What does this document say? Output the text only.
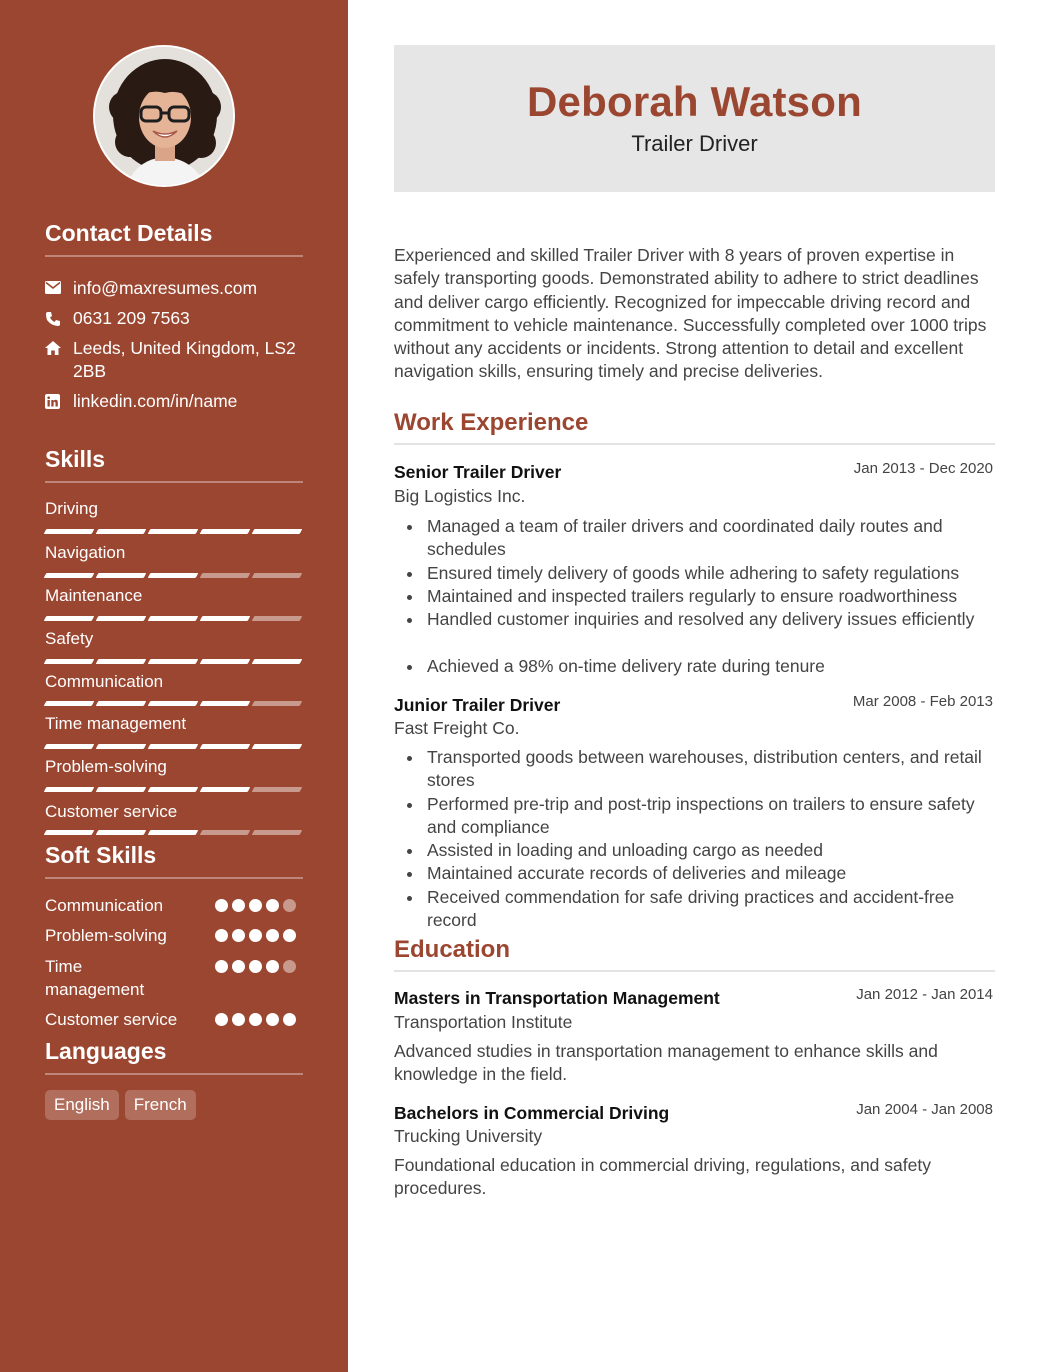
Contact Details
info@maxresumes.com
0631 209 7563
Leeds, United Kingdom, LS2 2BB
linkedin.com/in/name
Skills
Driving
Navigation
Maintenance
Safety
Communication
Time management
Problem-solving
Customer service
Soft Skills
Communication
Problem-solving
Time management
Customer service
Languages
English	French
Deborah Watson
Trailer Driver
Experienced and skilled Trailer Driver with 8 years of proven expertise in safely transporting goods. Demonstrated ability to adhere to strict deadlines and deliver cargo efficiently. Recognized for impeccable driving record and commitment to vehicle maintenance. Successfully completed over 1000 trips without any accidents or incidents. Strong attention to detail and excellent navigation skills, ensuring timely and precise deliveries.
Work Experience
Senior Trailer Driver	Jan 2013 - Dec 2020
Big Logistics Inc.
Managed a team of trailer drivers and coordinated daily routes and schedules
Ensured timely delivery of goods while adhering to safety regulations
Maintained and inspected trailers regularly to ensure roadworthiness
Handled customer inquiries and resolved any delivery issues efficiently
Achieved a 98% on-time delivery rate during tenure
Junior Trailer Driver	Mar 2008 - Feb 2013
Fast Freight Co.
Transported goods between warehouses, distribution centers, and retail stores
Performed pre-trip and post-trip inspections on trailers to ensure safety and compliance
Assisted in loading and unloading cargo as needed
Maintained accurate records of deliveries and mileage
Received commendation for safe driving practices and accident-free record
Education
Masters in Transportation Management	Jan 2012 - Jan 2014
Transportation Institute
Advanced studies in transportation management to enhance skills and knowledge in the field.
Bachelors in Commercial Driving	Jan 2004 - Jan 2008
Trucking University
Foundational education in commercial driving, regulations, and safety procedures.
